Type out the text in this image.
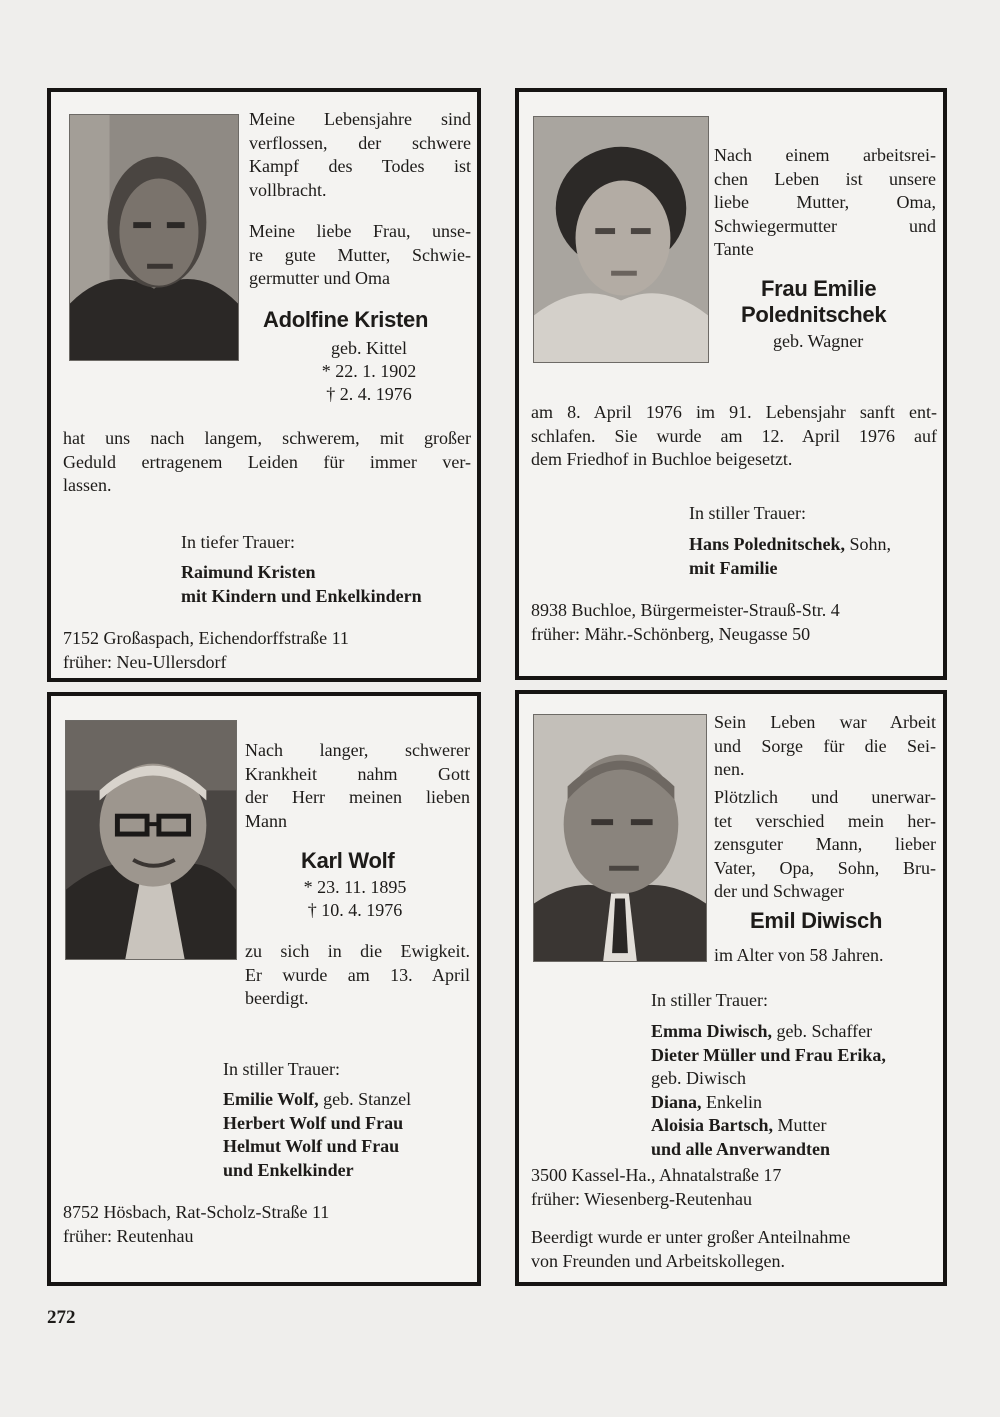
Meine Lebensjahre sind
verflossen, der schwere
Kampf des Todes ist
vollbracht.
Meine liebe Frau, unse-
re gute Mutter, Schwie-
germutter und Oma
Adolfine Kristen
geb. Kittel
* 22. 1. 1902
† 2. 4. 1976
hat uns nach langem, schwerem, mit großer
Geduld ertragenem Leiden für immer ver-
lassen.
In tiefer Trauer:
Raimund Kristen
mit Kindern und Enkelkindern
7152 Großaspach, Eichendorffstraße 11
früher: Neu-Ullersdorf
Nach einem arbeitsrei-
chen Leben ist unsere
liebe Mutter, Oma,
Schwiegermutter und
Tante
Frau Emilie
Polednitschek
geb. Wagner
am 8. April 1976 im 91. Lebensjahr sanft ent-
schlafen. Sie wurde am 12. April 1976 auf
dem Friedhof in Buchloe beigesetzt.
In stiller Trauer:
Hans Polednitschek, Sohn,
mit Familie
8938 Buchloe, Bürgermeister-Strauß-Str. 4
früher: Mähr.-Schönberg, Neugasse 50
Nach langer, schwerer
Krankheit nahm Gott
der Herr meinen lieben
Mann
Karl Wolf
* 23. 11. 1895
† 10. 4. 1976
zu sich in die Ewigkeit.
Er wurde am 13. April
beerdigt.
In stiller Trauer:
Emilie Wolf, geb. Stanzel
Herbert Wolf und Frau
Helmut Wolf und Frau
und Enkelkinder
8752 Hösbach, Rat-Scholz-Straße 11
früher: Reutenhau
Sein Leben war Arbeit
und Sorge für die Sei-
nen.
Plötzlich und unerwar-
tet verschied mein her-
zensguter Mann, lieber
Vater, Opa, Sohn, Bru-
der und Schwager
Emil Diwisch
im Alter von 58 Jahren.
In stiller Trauer:
Emma Diwisch, geb. Schaffer
Dieter Müller und Frau Erika,
geb. Diwisch
Diana, Enkelin
Aloisia Bartsch, Mutter
und alle Anverwandten
3500 Kassel-Ha., Ahnatalstraße 17
früher: Wiesenberg-Reutenhau
Beerdigt wurde er unter großer Anteilnahme
von Freunden und Arbeitskollegen.
272
